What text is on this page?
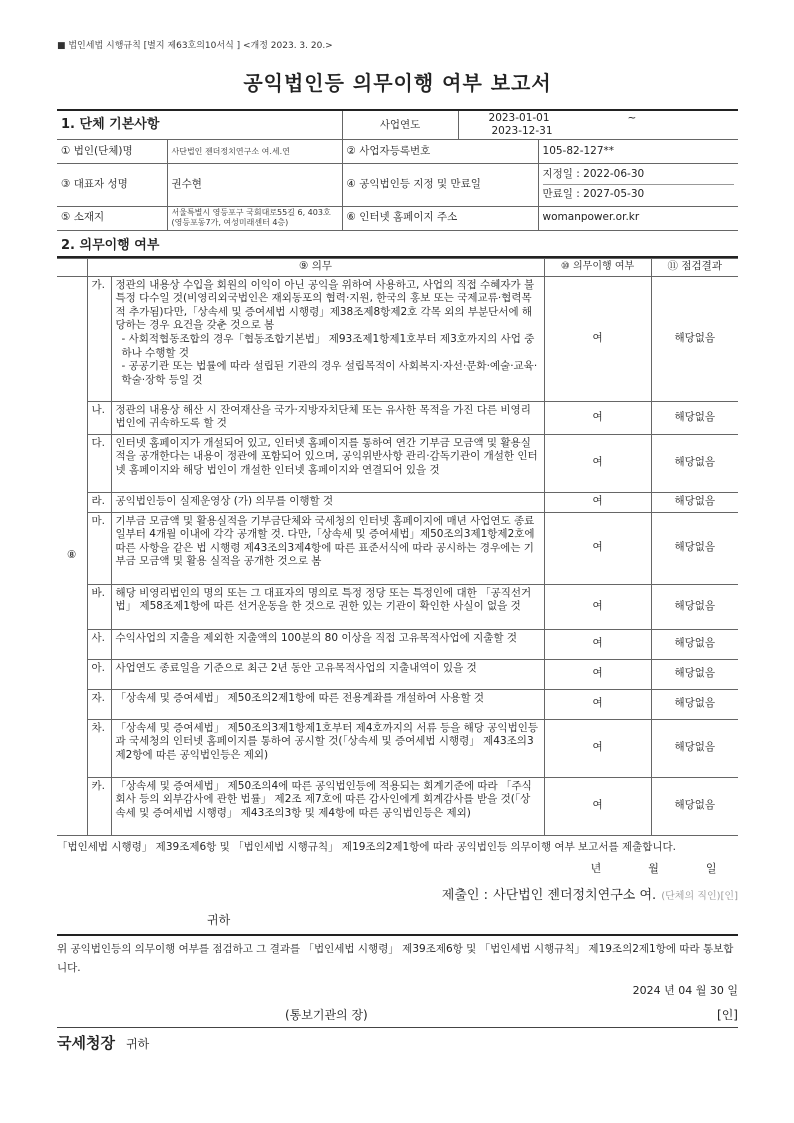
■ 법인세법 시행규칙 [별지 제63호의10서식 ] <개정 2023. 3. 20.>
공익법인등 의무이행 여부 보고서
1. 단체 기본사항		사업연도	2023-01-01 ~ 2023-12-31	
① 법인(단체)명	사단법인 젠더정치연구소 여.세.연	② 사업자등록번호		105-82-127**
③ 대표자 성명	권수현	④ 공익법인등 지정 및 만료일		지정일 : 2022-06-30
만료일 : 2027-05-30

⑤ 소재지	서울특별시 영등포구 국회대로55길 6, 403호(영등포동7가, 여성미래센터 4층)	⑥ 인터넷 홈페이지 주소		womanpower.or.kr
2. 의무이행 여부
	⑨ 의무		⑩ 의무이행 여부	⑪ 점검결과
⑧	가.	정관의 내용상 수입을 회원의 이익이 아닌 공익을 위하여 사용하고, 사업의 직접 수혜자가 불특정 다수일 것(비영리외국법인은 재외동포의 협력·지원, 한국의 홍보 또는 국제교류·협력목적 추가됨)다만,「상속세 및 증여세법 시행령」제38조제8항제2호 각목 외의 부분단서에 해당하는 경우 요건을 갖춘 것으로 봄
- 사회적협동조합의 경우「협동조합기본법」 제93조제1항제1호부터 제3호까지의 사업 중 하나 수행할 것
- 공공기관 또는 법률에 따라 설립된 기관의 경우 설립목적이 사회복지·자선·문화·예술·교육·학술·장학 등일 것	여	해당없음
	나.	정관의 내용상 해산 시 잔여재산을 국가·지방자치단체 또는 유사한 목적을 가진 다른 비영리법인에 귀속하도록 할 것	여	해당없음
	다.	인터넷 홈페이지가 개설되어 있고, 인터넷 홈페이지를 통하여 연간 기부금 모금액 및 활용실적을 공개한다는 내용이 정관에 포함되어 있으며, 공익위반사항 관리·감독기관이 개설한 인터넷 홈페이지와 해당 법인이 개설한 인터넷 홈페이지와 연결되어 있을 것	여	해당없음
	라.	공익법인등이 실제운영상 (가) 의무를 이행할 것	여	해당없음
	마.	기부금 모금액 및 활용실적을 기부금단체와 국세청의 인터넷 홈페이지에 매년 사업연도 종료일부터 4개월 이내에 각각 공개할 것. 다만,「상속세 및 증여세법」제50조의3제1항제2호에 따른 사항을 같은 법 시행령 제43조의3제4항에 따른 표준서식에 따라 공시하는 경우에는 기부금 모금액 및 활용 실적을 공개한 것으로 봄	여	해당없음
	바.	해당 비영리법인의 명의 또는 그 대표자의 명의로 특정 정당 또는 특정인에 대한 「공직선거법」 제58조제1항에 따른 선거운동을 한 것으로 권한 있는 기관이 확인한 사실이 없을 것	여	해당없음
	사.	수익사업의 지출을 제외한 지출액의 100분의 80 이상을 직접 고유목적사업에 지출할 것	여	해당없음
	아.	사업연도 종료일을 기준으로 최근 2년 동안 고유목적사업의 지출내역이 있을 것	여	해당없음
	자.	「상속세 및 증여세법」 제50조의2제1항에 따른 전용계좌를 개설하여 사용할 것	여	해당없음
	차.	「상속세 및 증여세법」 제50조의3제1항제1호부터 제4호까지의 서류 등을 해당 공익법인등과 국세청의 인터넷 홈페이지를 통하여 공시할 것(「상속세 및 증여세법 시행령」 제43조의3제2항에 따른 공익법인등은 제외)	여	해당없음
	카.	「상속세 및 증여세법」 제50조의4에 따른 공익법인등에 적용되는 회계기준에 따라 「주식회사 등의 외부감사에 관한 법률」 제2조 제7호에 따른 감사인에게 회계감사를 받을 것(「상속세 및 증여세법 시행령」 제43조의3항 및 제4항에 따른 공익법인등은 제외)	여	해당없음
「법인세법 시행령」 제39조제6항 및 「법인세법 시행규칙」 제19조의2제1항에 따라 공익법인등 의무이행 여부 보고서를 제출합니다.
년	월	일
제출인 : 사단법인 젠더정치연구소 여. (단체의 직인)[인]
귀하
위 공익법인등의 의무이행 여부를 점검하고 그 결과를 「법인세법 시행령」 제39조제6항 및 「법인세법 시행규칙」 제19조의2제1항에 따라 통보합니다.
2024 년 04 월 30 일
(통보기관의 장)	[인]
국세청장 귀하
